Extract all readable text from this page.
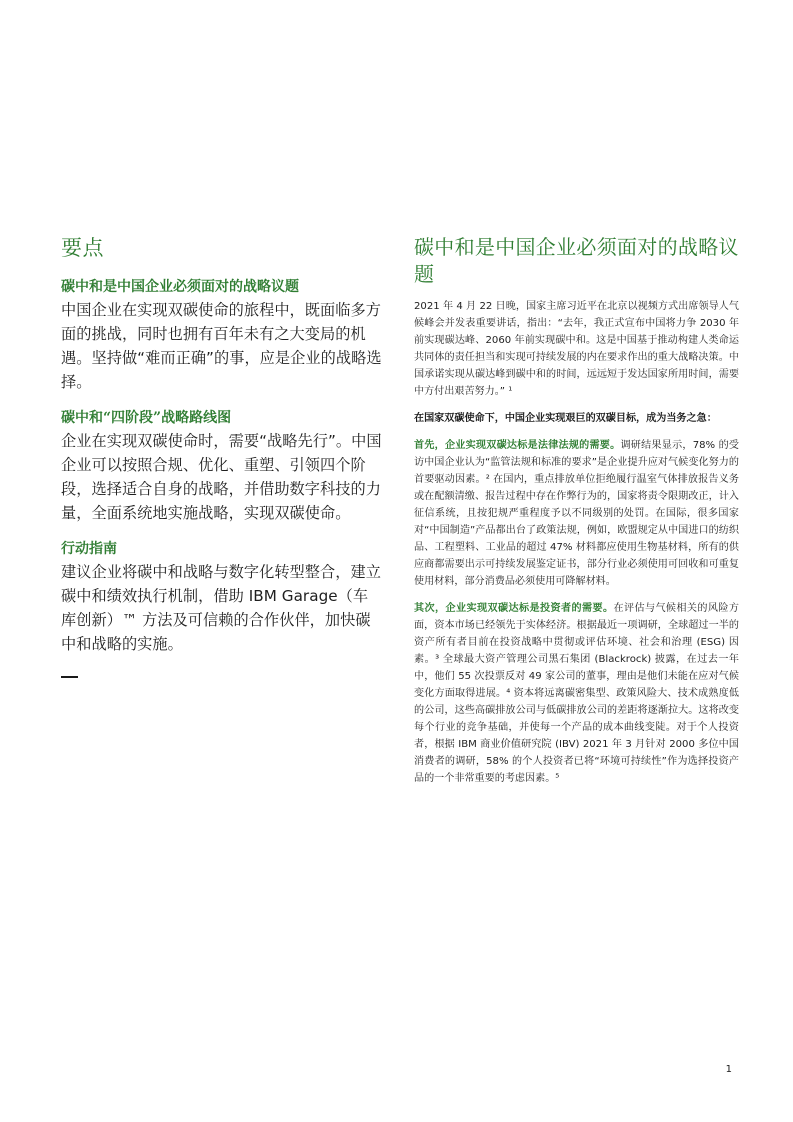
要点
碳中和是中国企业必须面对的战略议题

中国企业在实现双碳使命的旅程中，既面临多方面的挑战，同时也拥有百年未有之大变局的机遇。坚持做“难而正确”的事，应是企业的战略选择。

碳中和“四阶段”战略路线图

企业在实现双碳使命时，需要“战略先行”。中国企业可以按照合规、优化、重塑、引领四个阶段，选择适合自身的战略，并借助数字科技的力量，全面系统地实施战略，实现双碳使命。

行动指南

建议企业将碳中和战略与数字化转型整合，建立碳中和绩效执行机制，借助 IBM Garage（车库创新）™ 方法及可信赖的合作伙伴，加快碳中和战略的实施。

碳中和是中国企业必须面对的战略议题

2021 年 4 月 22 日晚，国家主席习近平在北京以视频方式出席领导人气候峰会并发表重要讲话，指出：“去年，我正式宣布中国将力争 2030 年前实现碳达峰、2060 年前实现碳中和。这是中国基于推动构建人类命运共同体的责任担当和实现可持续发展的内在要求作出的重大战略决策。中国承诺实现从碳达峰到碳中和的时间，远远短于发达国家所用时间，需要中方付出艰苦努力。” ¹

在国家双碳使命下，中国企业实现艰巨的双碳目标，成为当务之急：

首先，企业实现双碳达标是法律法规的需要。调研结果显示，78% 的受访中国企业认为“监管法规和标准的要求”是企业提升应对气候变化努力的首要驱动因素。² 在国内，重点排放单位拒绝履行温室气体排放报告义务或在配额清缴、报告过程中存在作弊行为的，国家将责令限期改正，计入征信系统，且按犯规严重程度予以不同级别的处罚。在国际，很多国家对“中国制造”产品都出台了政策法规，例如，欧盟规定从中国进口的纺织品、工程塑料、工业品的超过 47% 材料都应使用生物基材料，所有的供应商都需要出示可持续发展鉴定证书，部分行业必须使用可回收和可重复使用材料，部分消费品必须使用可降解材料。

其次，企业实现双碳达标是投资者的需要。在评估与气候相关的风险方面，资本市场已经领先于实体经济。根据最近一项调研，全球超过一半的资产所有者目前在投资战略中贯彻或评估环境、社会和治理 (ESG) 因素。³ 全球最大资产管理公司黑石集团 (Blackrock) 披露，在过去一年中，他们 55 次投票反对 49 家公司的董事，理由是他们未能在应对气候变化方面取得进展。⁴ 资本将远离碳密集型、政策风险大、技术成熟度低的公司，这些高碳排放公司与低碳排放公司的差距将逐渐拉大。这将改变每个行业的竞争基础，并使每一个产品的成本曲线变陡。对于个人投资者，根据 IBM 商业价值研究院 (IBV) 2021 年 3 月针对 2000 多位中国消费者的调研，58% 的个人投资者已将“环境可持续性”作为选择投资产品的一个非常重要的考虑因素。⁵

1
